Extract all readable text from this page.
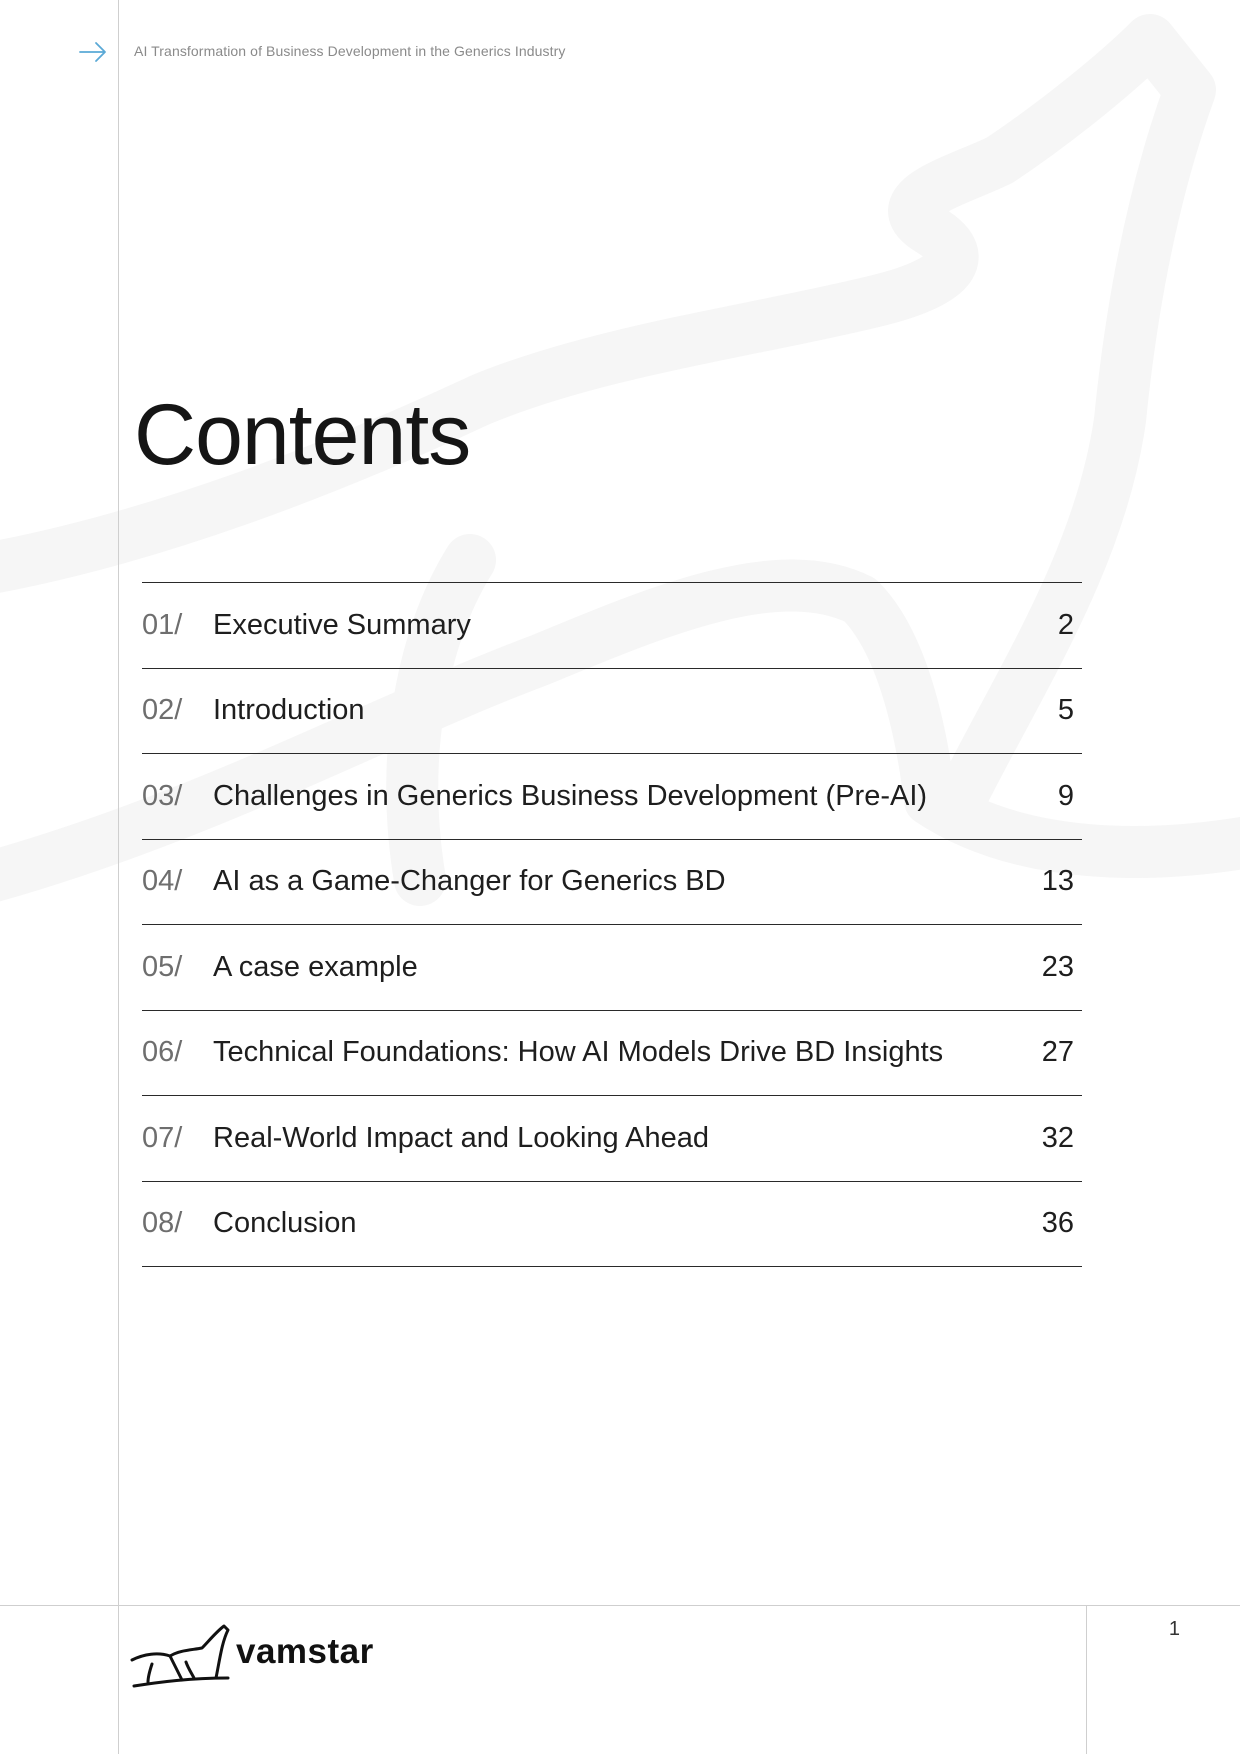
AI Transformation of Business Development in the Generics Industry
Contents
01/	Executive Summary	2
02/	Introduction	5
03/	Challenges in Generics Business Development (Pre-AI)	9
04/	AI as a Game-Changer for Generics BD	13
05/	A case example	23
06/	Technical Foundations: How AI Models Drive BD Insights	27
07/	Real-World Impact and Looking Ahead	32
08/	Conclusion	36
vamstar
1
